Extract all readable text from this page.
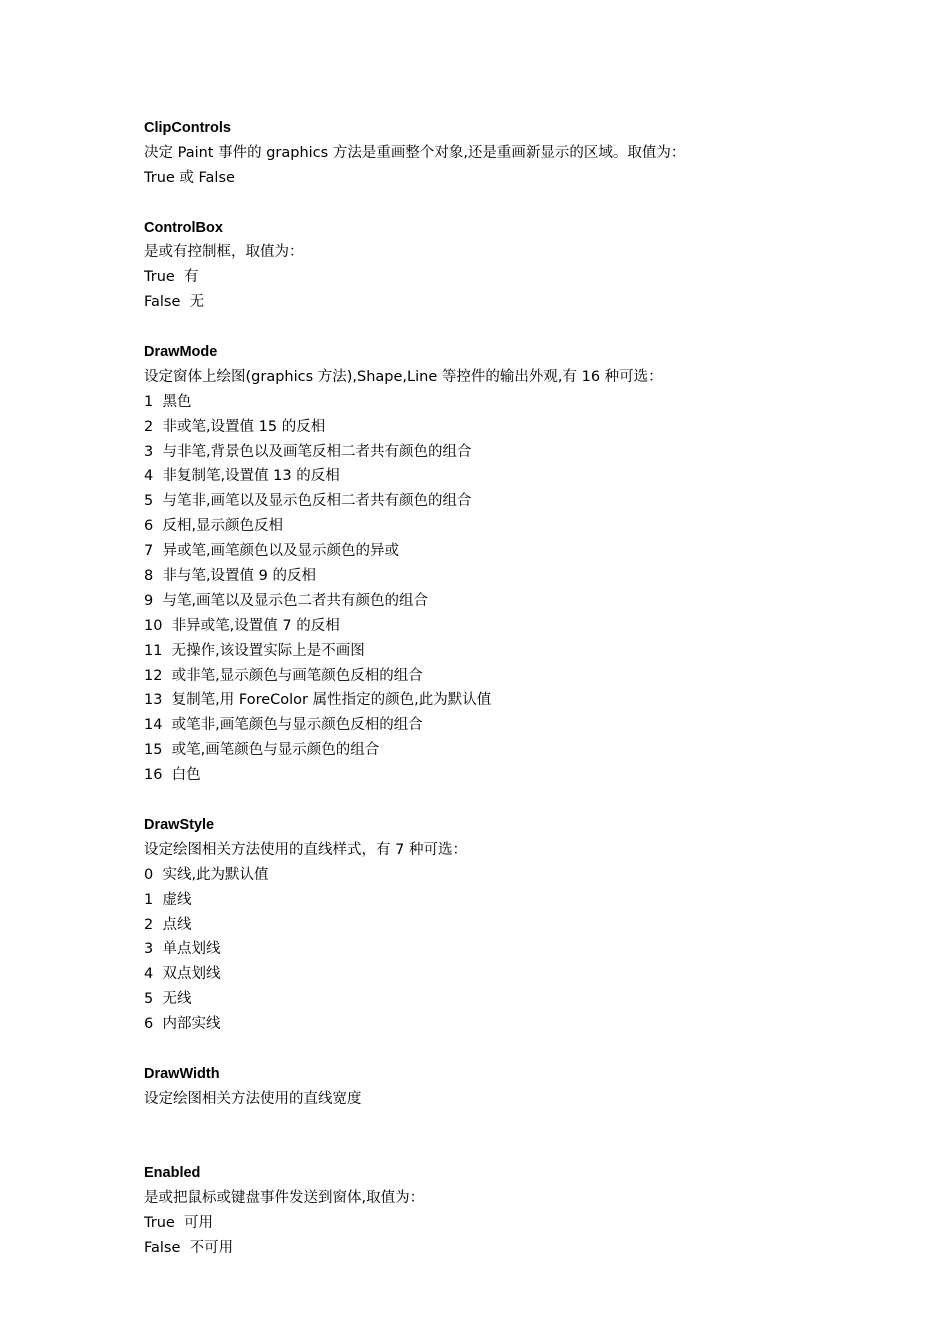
ClipControls
决定 Paint 事件的 graphics 方法是重画整个对象,还是重画新显示的区域。取值为：
True 或 False
ControlBox
是或有控制框，取值为：
True  有
False  无
DrawMode
设定窗体上绘图(graphics 方法),Shape,Line 等控件的输出外观,有 16 种可选：
1  黑色
2  非或笔,设置值 15 的反相
3  与非笔,背景色以及画笔反相二者共有颜色的组合
4  非复制笔,设置值 13 的反相
5  与笔非,画笔以及显示色反相二者共有颜色的组合
6  反相,显示颜色反相
7  异或笔,画笔颜色以及显示颜色的异或
8  非与笔,设置值 9 的反相
9  与笔,画笔以及显示色二者共有颜色的组合
10  非异或笔,设置值 7 的反相
11  无操作,该设置实际上是不画图
12  或非笔,显示颜色与画笔颜色反相的组合
13  复制笔,用 ForeColor 属性指定的颜色,此为默认值
14  或笔非,画笔颜色与显示颜色反相的组合
15  或笔,画笔颜色与显示颜色的组合
16  白色
DrawStyle
设定绘图相关方法使用的直线样式，有 7 种可选：
0  实线,此为默认值
1  虚线
2  点线
3  单点划线
4  双点划线
5  无线
6  内部实线
DrawWidth
设定绘图相关方法使用的直线宽度
Enabled
是或把鼠标或键盘事件发送到窗体,取值为：
True  可用
False  不可用
